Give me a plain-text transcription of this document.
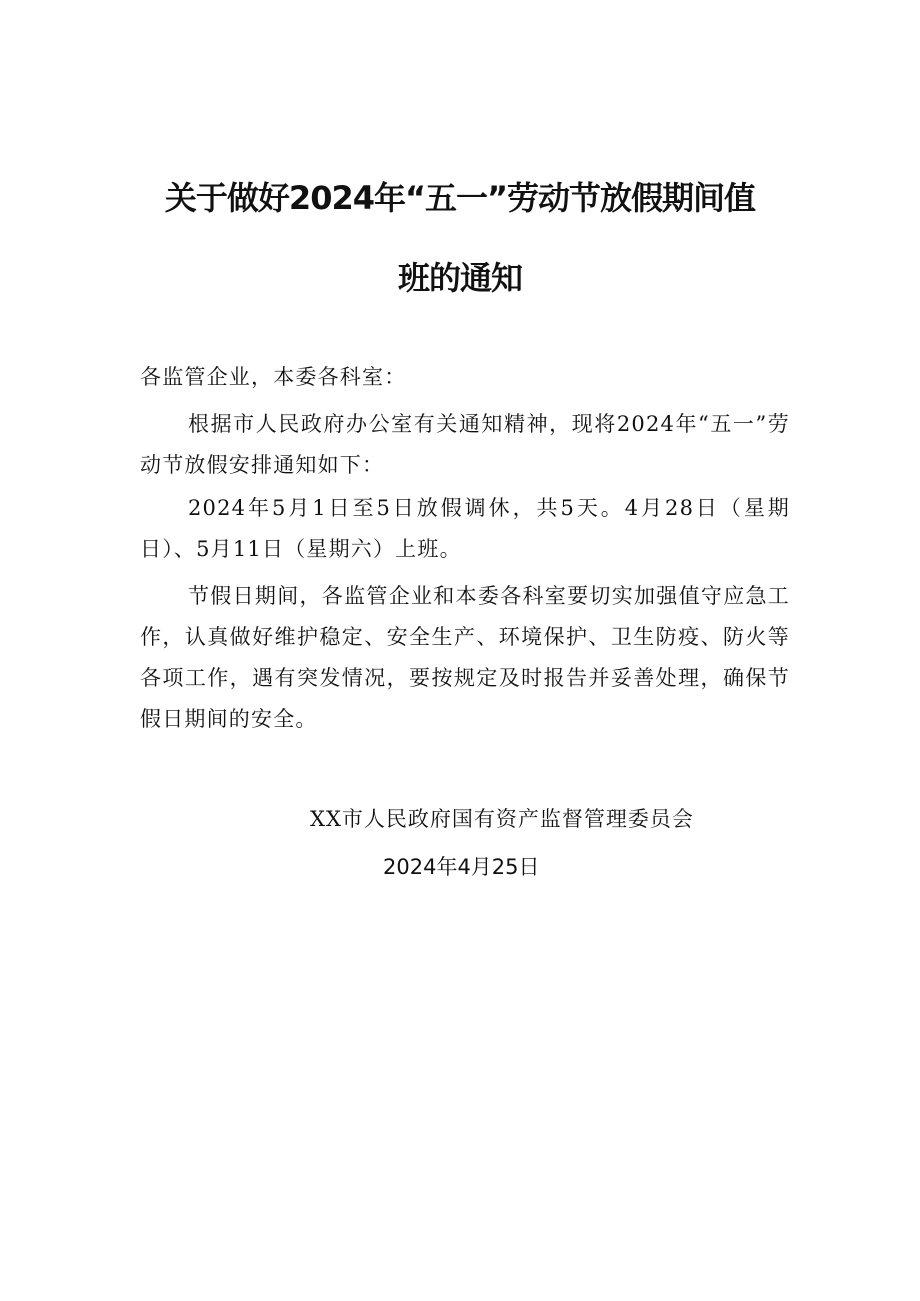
关于做好2024年“五一”劳动节放假期间值
班的通知
各监管企业，本委各科室：
根据市人民政府办公室有关通知精神，现将2024年“五一”劳动节放假安排通知如下：
2024年5月1日至5日放假调休，共5天。4月28日（星期日）、5月11日（星期六）上班。
节假日期间，各监管企业和本委各科室要切实加强值守应急工作，认真做好维护稳定、安全生产、环境保护、卫生防疫、防火等各项工作，遇有突发情况，要按规定及时报告并妥善处理，确保节假日期间的安全。
XX市人民政府国有资产监督管理委员会
2024年4月25日
